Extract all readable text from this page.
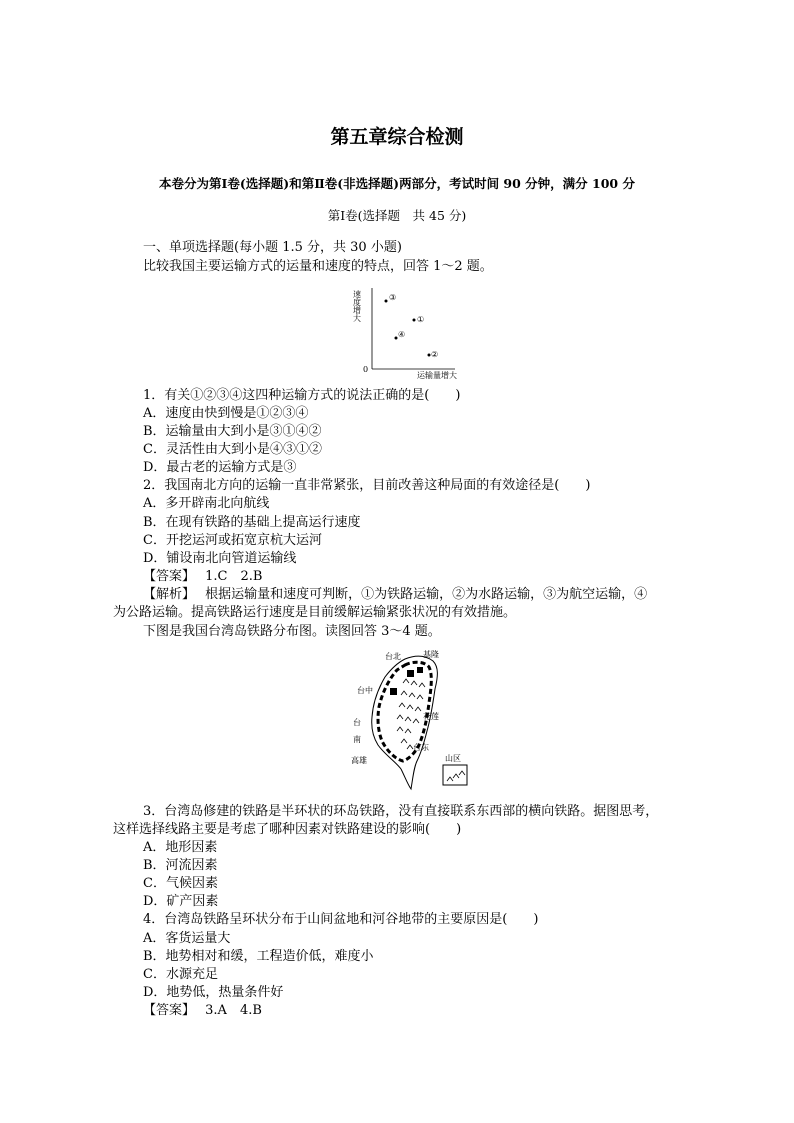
第五章综合检测
本卷分为第Ⅰ卷(选择题)和第Ⅱ卷(非选择题)两部分，考试时间 90 分钟，满分 100 分
第Ⅰ卷(选择题　共 45 分)
一、单项选择题(每小题 1.5 分，共 30 小题)
比较我国主要运输方式的运量和速度的特点，回答 1～2 题。
速度增大
0
运输量增大
③
①
④
②
1．有关①②③④这四种运输方式的说法正确的是(　　)
A．速度由快到慢是①②③④
B．运输量由大到小是③①④②
C．灵活性由大到小是④③①②
D．最古老的运输方式是③
2．我国南北方向的运输一直非常紧张，目前改善这种局面的有效途径是(　　)
A．多开辟南北向航线
B．在现有铁路的基础上提高运行速度
C．开挖运河或拓宽京杭大运河
D．铺设南北向管道运输线
【答案】 1.C　2.B
【解析】 根据运输量和速度可判断，①为铁路运输，②为水路运输，③为航空运输，④
为公路运输。提高铁路运行速度是目前缓解运输紧张状况的有效措施。
下图是我国台湾岛铁路分布图。读图回答 3～4 题。
台北	基隆
台中
花莲
台
南
台东
高雄	山区
3．台湾岛修建的铁路是半环状的环岛铁路，没有直接联系东西部的横向铁路。据图思考，
这样选择线路主要是考虑了哪种因素对铁路建设的影响(　　)
A．地形因素
B．河流因素
C．气候因素
D．矿产因素
4．台湾岛铁路呈环状分布于山间盆地和河谷地带的主要原因是(　　)
A．客货运量大
B．地势相对和缓，工程造价低，难度小
C．水源充足
D．地势低，热量条件好
【答案】 3.A　4.B
